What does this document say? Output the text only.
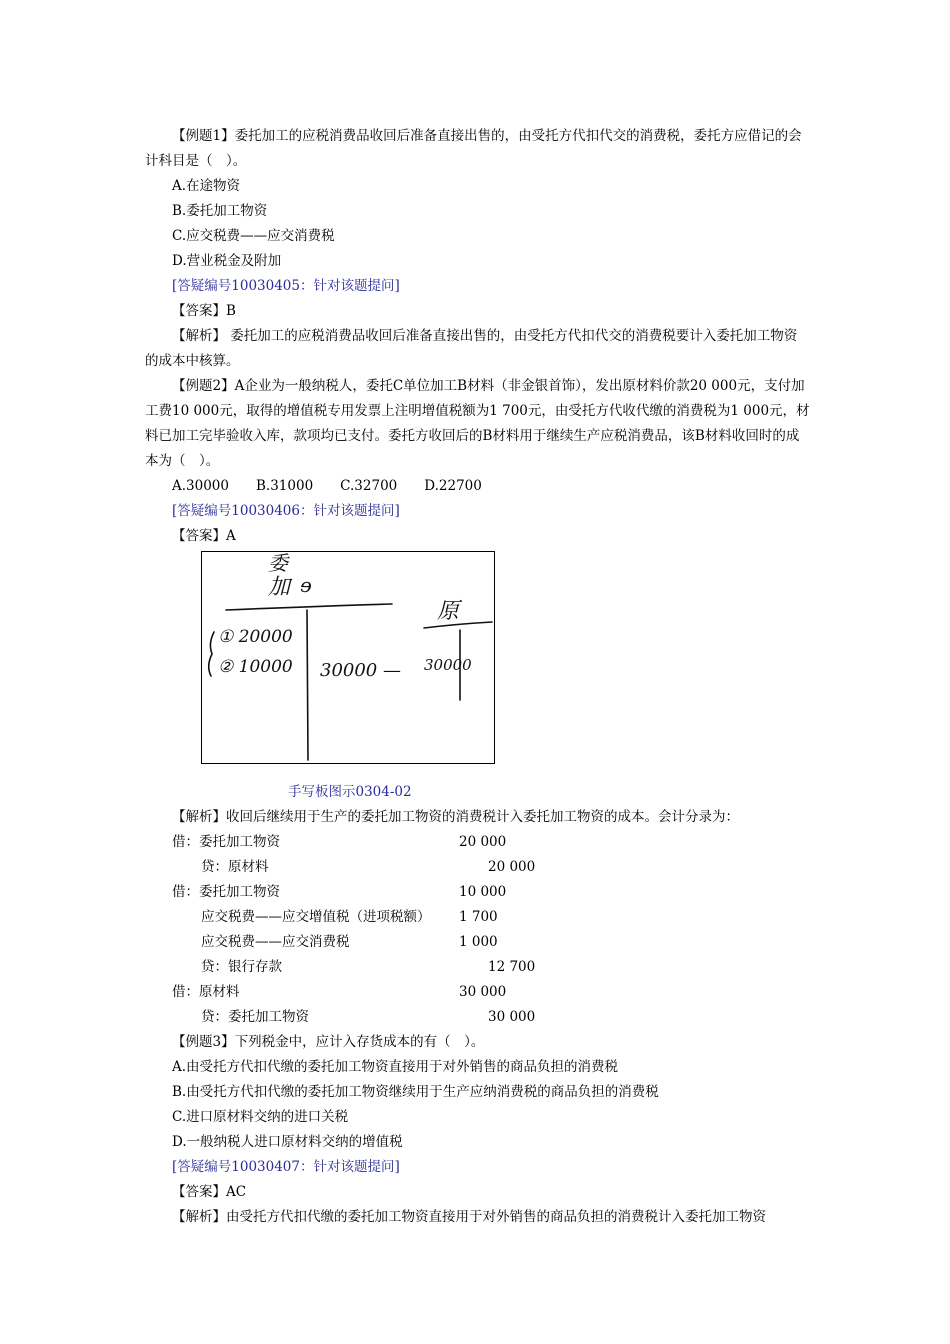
【例题1】委托加工的应税消费品收回后准备直接出售的，由受托方代扣代交的消费税，委托方应借记的会计科目是（　）。

A.在途物资

B.委托加工物资

C.应交税费——应交消费税

D.营业税金及附加

[答疑编号10030405：针对该题提问]

【答案】B

【解析】 委托加工的应税消费品收回后准备直接出售的，由受托方代扣代交的消费税要计入委托加工物资的成本中核算。

【例题2】A企业为一般纳税人，委托C单位加工B材料（非金银首饰），发出原材料价款20 000元，支付加工费10 000元，取得的增值税专用发票上注明增值税额为1 700元，由受托方代收代缴的消费税为1 000元，材料已加工完毕验收入库，款项均已支付。委托方收回后的B材料用于继续生产应税消费品，该B材料收回时的成本为（　）。

A.30000 B.31000 C.32700 D.22700

[答疑编号10030406：针对该题提问]

【答案】A

委
加 ɘ
原
① 20000
② 10000 30000 — 30000

手写板图示0304-02

【解析】收回后继续用于生产的委托加工物资的消费税计入委托加工物资的成本。会计分录为：

借：委托加工物资	20 000
贷：原材料	20 000
借：委托加工物资	10 000
应交税费——应交增值税（进项税额） 1 700
应交税费——应交消费税	1 000
贷：银行存款	12 700
借：原材料	30 000
贷：委托加工物资	30 000

【例题3】下列税金中，应计入存货成本的有（　）。

A.由受托方代扣代缴的委托加工物资直接用于对外销售的商品负担的消费税

B.由受托方代扣代缴的委托加工物资继续用于生产应纳消费税的商品负担的消费税

C.进口原材料交纳的进口关税

D.一般纳税人进口原材料交纳的增值税

[答疑编号10030407：针对该题提问]

【答案】AC

【解析】由受托方代扣代缴的委托加工物资直接用于对外销售的商品负担的消费税计入委托加工物资
